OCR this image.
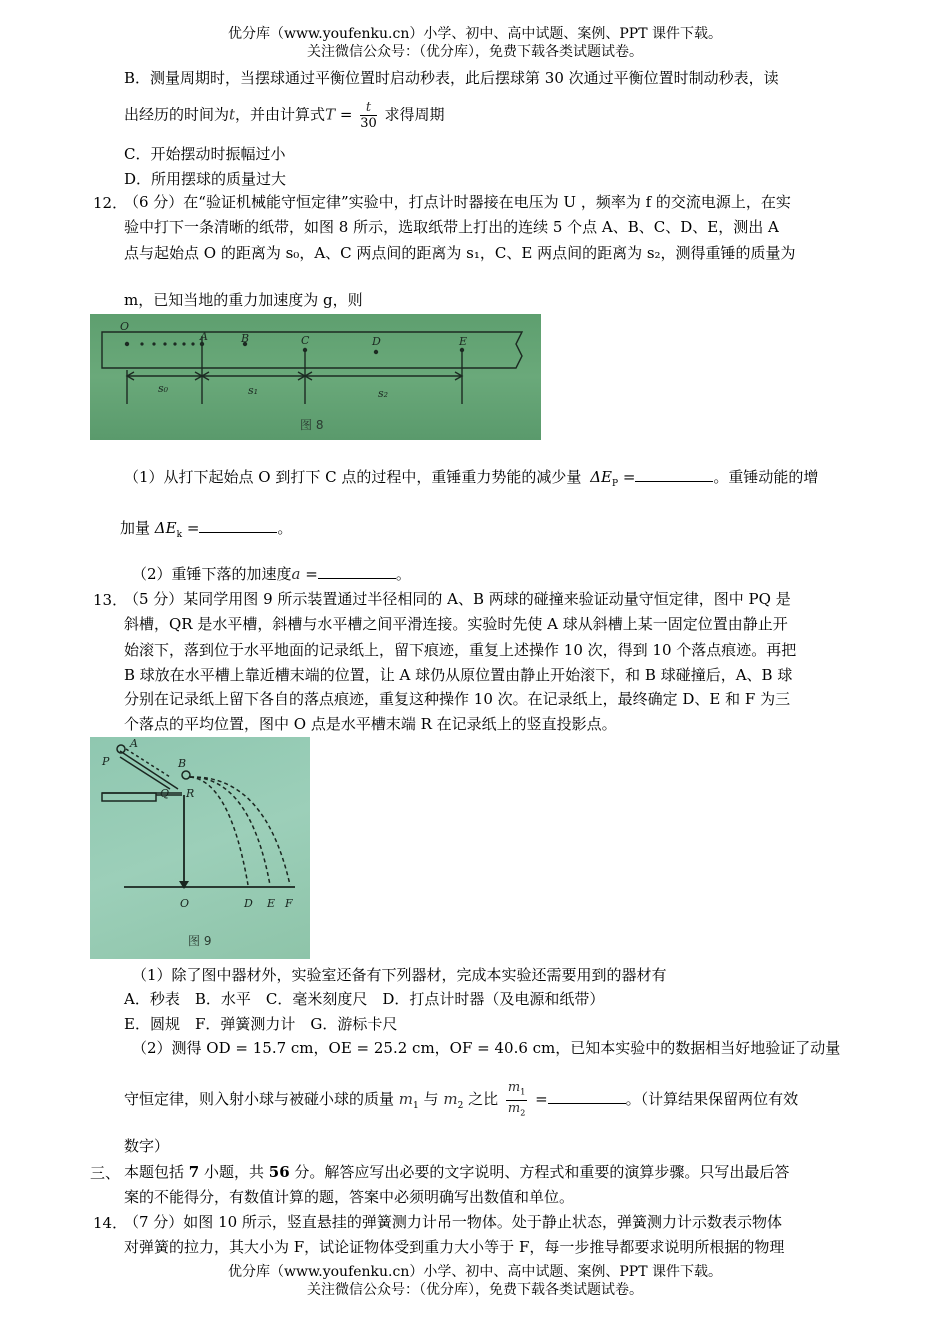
优分库（www.youfenku.cn）小学、初中、高中试题、案例、PPT 课件下载。
关注微信公众号：（优分库），免费下载各类试题试卷。
B．测量周期时，当摆球通过平衡位置时启动秒表，此后摆球第 30 次通过平衡位置时制动秒表，读
出经历的时间为t，并由计算式$T = \frac{t}{30}$ 求得周期
C．开始摆动时振幅过小
D．所用摆球的质量过大
12．
（6 分）在“验证机械能守恒定律”实验中，打点计时器接在电压为 U ，频率为 f 的交流电源上，在实
验中打下一条清晰的纸带，如图 8 所示，选取纸带上打出的连续 5 个点 A、B、C、D、E，测出 A
点与起始点 O 的距离为 s₀，A、C 两点间的距离为 s₁，C、E 两点间的距离为 s₂，测得重锤的质量为
m，已知当地的重力加速度为 g，则
O
A	B	C	D	E
s₀	s₁	s₂
图 8
（1）从打下起始点 O 到打下 C 点的过程中，重锤重力势能的减少量 $\Delta E_P$ =	。重锤动能的增
加量 $\Delta E_k$ =	。
（2）重锤下落的加速度a =	。
13．
（5 分）某同学用图 9 所示装置通过半径相同的 A、B 两球的碰撞来验证动量守恒定律，图中 PQ 是
斜槽，QR 是水平槽，斜槽与水平槽之间平滑连接。实验时先使 A 球从斜槽上某一固定位置由静止开
始滚下，落到位于水平地面的记录纸上，留下痕迹，重复上述操作 10 次，得到 10 个落点痕迹。再把
B 球放在水平槽上靠近槽末端的位置，让 A 球仍从原位置由静止开始滚下，和 B 球碰撞后，A、B 球
分别在记录纸上留下各自的落点痕迹，重复这种操作 10 次。在记录纸上，最终确定 D、E 和 F 为三
个落点的平均位置，图中 O 点是水平槽末端 R 在记录纸上的竖直投影点。
A
P	B
Q R
O	D E F
图 9
（1）除了图中器材外，实验室还备有下列器材，完成本实验还需要用到的器材有
A．秒表　B．水平　C．毫米刻度尺　D．打点计时器（及电源和纸带）
E．圆规　F．弹簧测力计　G．游标卡尺
（2）测得 OD = 15.7 cm，OE = 25.2 cm，OF = 40.6 cm，已知本实验中的数据相当好地验证了动量
守恒定律，则入射小球与被碰小球的质量 $m_1$ 与 $m_2$ 之比 $\frac{m_1}{m_2}$ =	。（计算结果保留两位有效
数字）
三、 本题包括 7 小题，共 56 分。解答应写出必要的文字说明、方程式和重要的演算步骤。只写出最后答
案的不能得分，有数值计算的题，答案中必须明确写出数值和单位。
14．
（7 分）如图 10 所示，竖直悬挂的弹簧测力计吊一物体。处于静止状态，弹簧测力计示数表示物体
对弹簧的拉力，其大小为 F，试论证物体受到重力大小等于 F，每一步推导都要求说明所根据的物理
优分库（www.youfenku.cn）小学、初中、高中试题、案例、PPT 课件下载。
关注微信公众号：（优分库），免费下载各类试题试卷。
